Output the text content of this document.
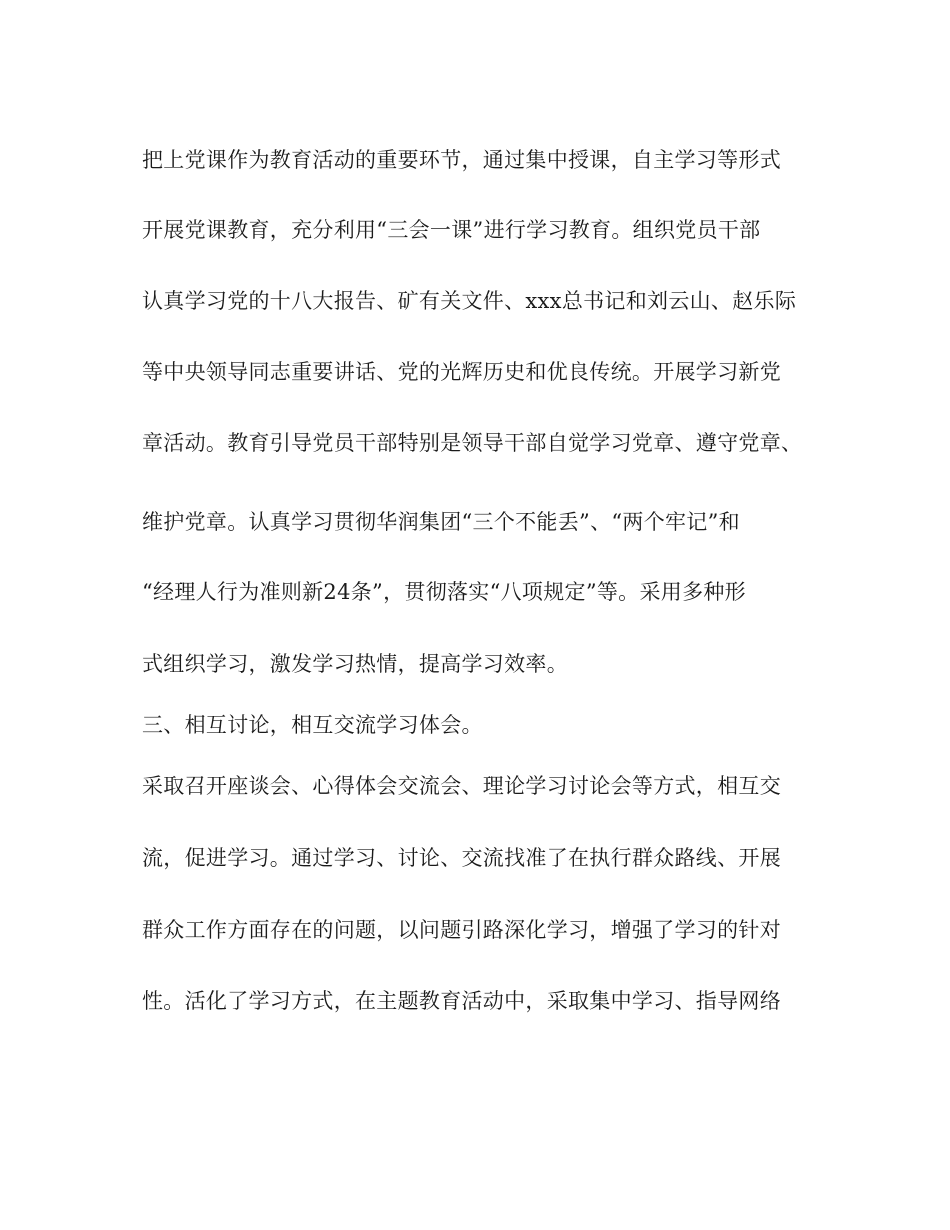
把上党课作为教育活动的重要环节，通过集中授课，自主学习等形式
开展党课教育，充分利用“三会一课”进行学习教育。组织党员干部
认真学习党的十八大报告、矿有关文件、xxx总书记和刘云山、赵乐际
等中央领导同志重要讲话、党的光辉历史和优良传统。开展学习新党
章活动。教育引导党员干部特别是领导干部自觉学习党章、遵守党章、
维护党章。认真学习贯彻华润集团“三个不能丢”、“两个牢记”和
“经理人行为准则新24条”，贯彻落实“八项规定”等。采用多种形
式组织学习，激发学习热情，提高学习效率。
三、相互讨论，相互交流学习体会。
采取召开座谈会、心得体会交流会、理论学习讨论会等方式，相互交
流，促进学习。通过学习、讨论、交流找准了在执行群众路线、开展
群众工作方面存在的问题，以问题引路深化学习，增强了学习的针对
性。活化了学习方式，在主题教育活动中，采取集中学习、指导网络
